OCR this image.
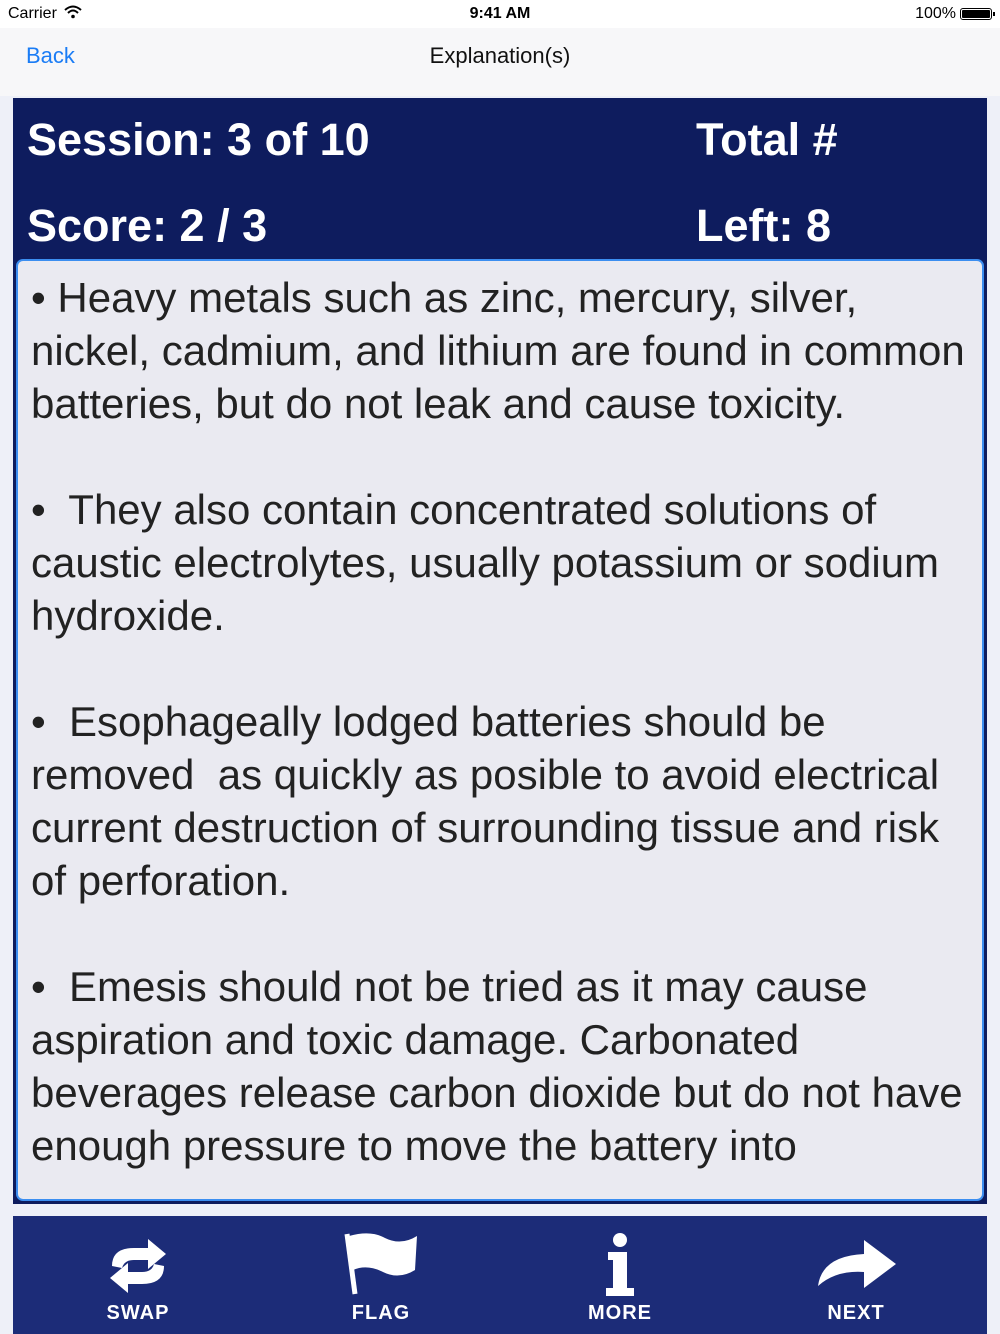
Carrier	9:41 AM	100%
Back	Explanation(s)
Session: 3 of 10
Score: 2 / 3
Total #
Left: 8

• Heavy metals such as zinc, mercury, silver, nickel, cadmium, and lithium are found in common batteries, but do not leak and cause toxicity.

•  They also contain concentrated solutions of caustic electrolytes, usually potassium or sodium hydroxide.

•  Esophageally lodged batteries should be removed  as quickly as posible to avoid electrical current destruction of surrounding tissue and risk of perforation.

•  Emesis should not be tried as it may cause aspiration and toxic damage. Carbonated beverages release carbon dioxide but do not have enough pressure to move the battery into

SWAP	FLAG	MORE	NEXT
